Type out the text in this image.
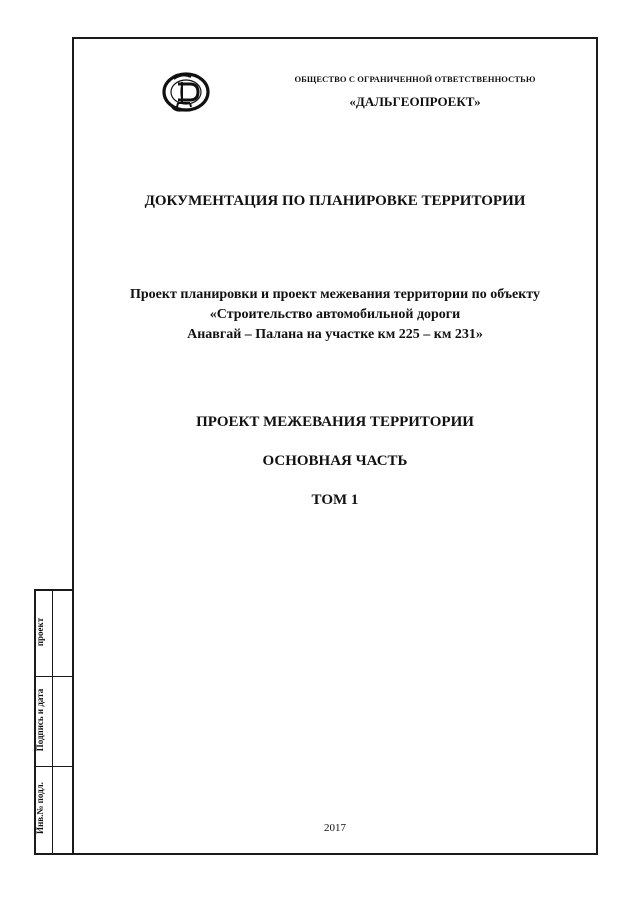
проект
Подпись и дата
Инв.№ подл.
ОБЩЕСТВО С ОГРАНИЧЕННОЙ ОТВЕТСТВЕННОСТЬЮ
«ДАЛЬГЕОПРОЕКТ»
ДОКУМЕНТАЦИЯ ПО ПЛАНИРОВКЕ ТЕРРИТОРИИ
Проект планировки и проект межевания территории по объекту
«Строительство автомобильной дороги
Анавгай – Палана на участке км 225 – км 231»
ПРОЕКТ МЕЖЕВАНИЯ ТЕРРИТОРИИ
ОСНОВНАЯ ЧАСТЬ
ТОМ 1
2017
